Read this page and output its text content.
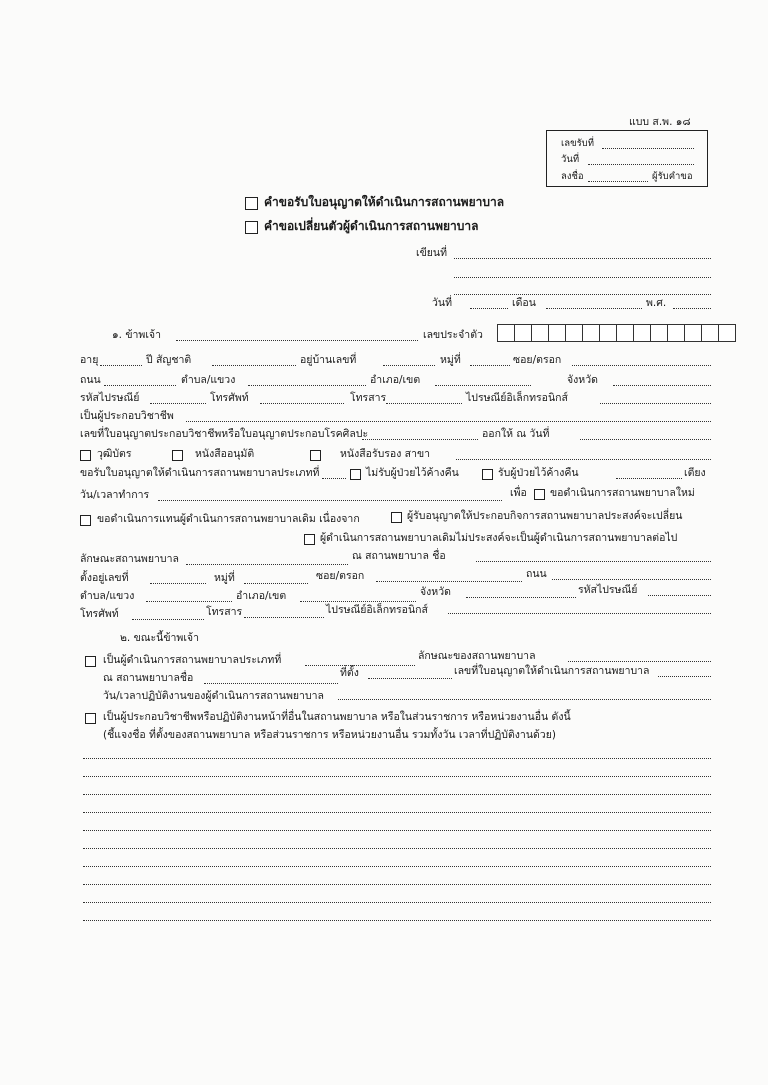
แบบ ส.พ. ๑๘
เลขรับที่
วันที่
ลงชื่อ	ผู้รับคำขอ
คำขอรับใบอนุญาตให้ดำเนินการสถานพยาบาล
คำขอเปลี่ยนตัวผู้ดำเนินการสถานพยาบาล
เขียนที่
วันที่	เดือน	พ.ศ.
๑. ข้าพเจ้า	เลขประจำตัว
อายุ	ปี สัญชาติ	อยู่บ้านเลขที่	หมู่ที่	ซอย/ตรอก
ถนน	ตำบล/แขวง	อำเภอ/เขต	จังหวัด
รหัสไปรษณีย์	โทรศัพท์	โทรสาร	ไปรษณีย์อิเล็กทรอนิกส์
เป็นผู้ประกอบวิชาชีพ
เลขที่ใบอนุญาตประกอบวิชาชีพหรือใบอนุญาตประกอบโรคศิลปะ	ออกให้ ณ วันที่
วุฒิบัตร	หนังสืออนุมัติ	หนังสือรับรอง สาขา
ขอรับใบอนุญาตให้ดำเนินการสถานพยาบาลประเภทที่	ไม่รับผู้ป่วยไว้ค้างคืน	รับผู้ป่วยไว้ค้างคืน	เตียง
วัน/เวลาทำการ	เพื่อ ขอดำเนินการสถานพยาบาลใหม่
ขอดำเนินการแทนผู้ดำเนินการสถานพยาบาลเดิม เนื่องจาก	ผู้รับอนุญาตให้ประกอบกิจการสถานพยาบาลประสงค์จะเปลี่ยน
ผู้ดำเนินการสถานพยาบาลเดิมไม่ประสงค์จะเป็นผู้ดำเนินการสถานพยาบาลต่อไป
ลักษณะสถานพยาบาล	ณ สถานพยาบาล ชื่อ
ตั้งอยู่เลขที่	หมู่ที่	ซอย/ตรอก	ถนน
ตำบล/แขวง	อำเภอ/เขต	จังหวัด	รหัสไปรษณีย์
โทรศัพท์	โทรสาร	ไปรษณีย์อิเล็กทรอนิกส์
๒. ขณะนี้ข้าพเจ้า
เป็นผู้ดำเนินการสถานพยาบาลประเภทที่	ลักษณะของสถานพยาบาล
ณ สถานพยาบาลชื่อ	ที่ตั้ง	เลขที่ใบอนุญาตให้ดำเนินการสถานพยาบาล
วัน/เวลาปฏิบัติงานของผู้ดำเนินการสถานพยาบาล
เป็นผู้ประกอบวิชาชีพหรือปฏิบัติงานหน้าที่อื่นในสถานพยาบาล หรือในส่วนราชการ หรือหน่วยงานอื่น ดังนี้
(ชี้แจงชื่อ ที่ตั้งของสถานพยาบาล หรือส่วนราชการ หรือหน่วยงานอื่น รวมทั้งวัน เวลาที่ปฏิบัติงานด้วย)
